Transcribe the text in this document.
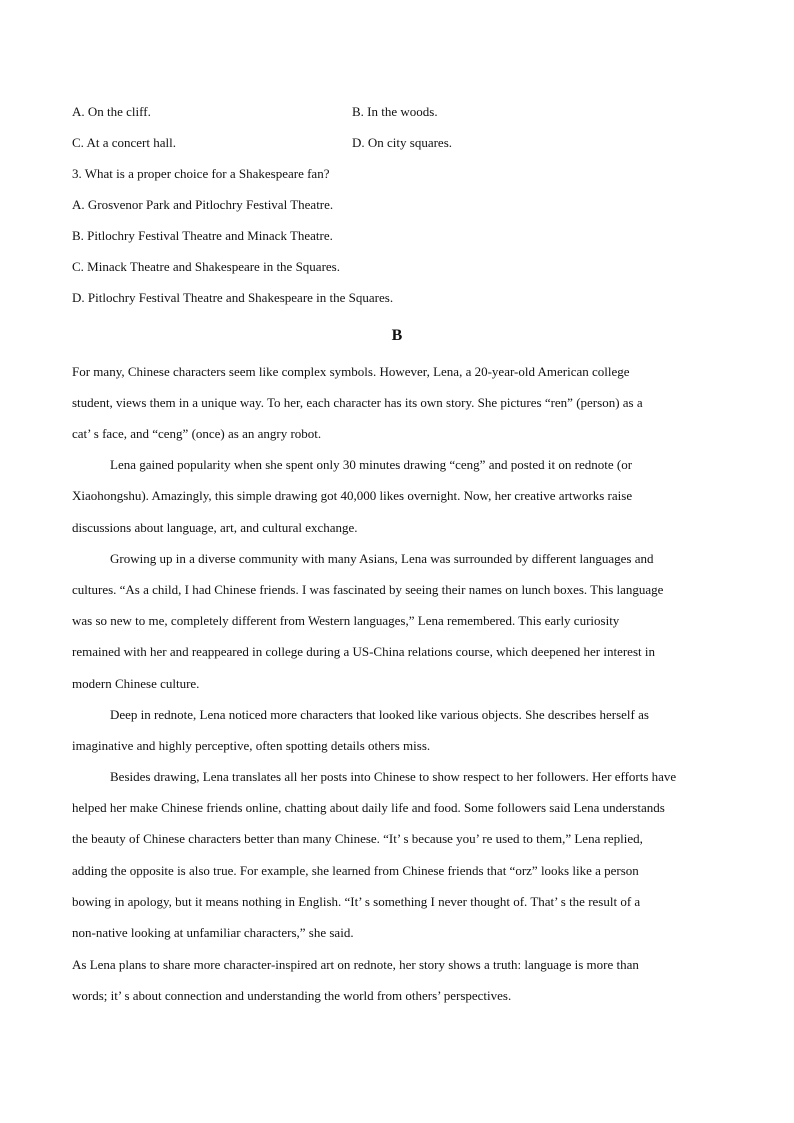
A. On the cliff.	B. In the woods.
C. At a concert hall.	D. On city squares.
3. What is a proper choice for a Shakespeare fan?
A. Grosvenor Park and Pitlochry Festival Theatre.
B. Pitlochry Festival Theatre and Minack Theatre.
C. Minack Theatre and Shakespeare in the Squares.
D. Pitlochry Festival Theatre and Shakespeare in the Squares.
B
For many, Chinese characters seem like complex symbols. However, Lena, a 20-year-old American college
student, views them in a unique way. To her, each character has its own story. She pictures “ren” (person) as a
cat’ s face, and “ceng” (once) as an angry robot.
Lena gained popularity when she spent only 30 minutes drawing “ceng” and posted it on rednote (or
Xiaohongshu). Amazingly, this simple drawing got 40,000 likes overnight. Now, her creative artworks raise
discussions about language, art, and cultural exchange.
Growing up in a diverse community with many Asians, Lena was surrounded by different languages and
cultures. “As a child, I had Chinese friends. I was fascinated by seeing their names on lunch boxes. This language
was so new to me, completely different from Western languages,” Lena remembered. This early curiosity
remained with her and reappeared in college during a US-China relations course, which deepened her interest in
modern Chinese culture.
Deep in rednote, Lena noticed more characters that looked like various objects. She describes herself as
imaginative and highly perceptive, often spotting details others miss.
Besides drawing, Lena translates all her posts into Chinese to show respect to her followers. Her efforts have
helped her make Chinese friends online, chatting about daily life and food. Some followers said Lena understands
the beauty of Chinese characters better than many Chinese. “It’ s because you’ re used to them,” Lena replied,
adding the opposite is also true. For example, she learned from Chinese friends that “orz” looks like a person
bowing in apology, but it means nothing in English. “It’ s something I never thought of. That’ s the result of a
non-native looking at unfamiliar characters,” she said.
As Lena plans to share more character-inspired art on rednote, her story shows a truth: language is more than
words; it’ s about connection and understanding the world from others’ perspectives.
